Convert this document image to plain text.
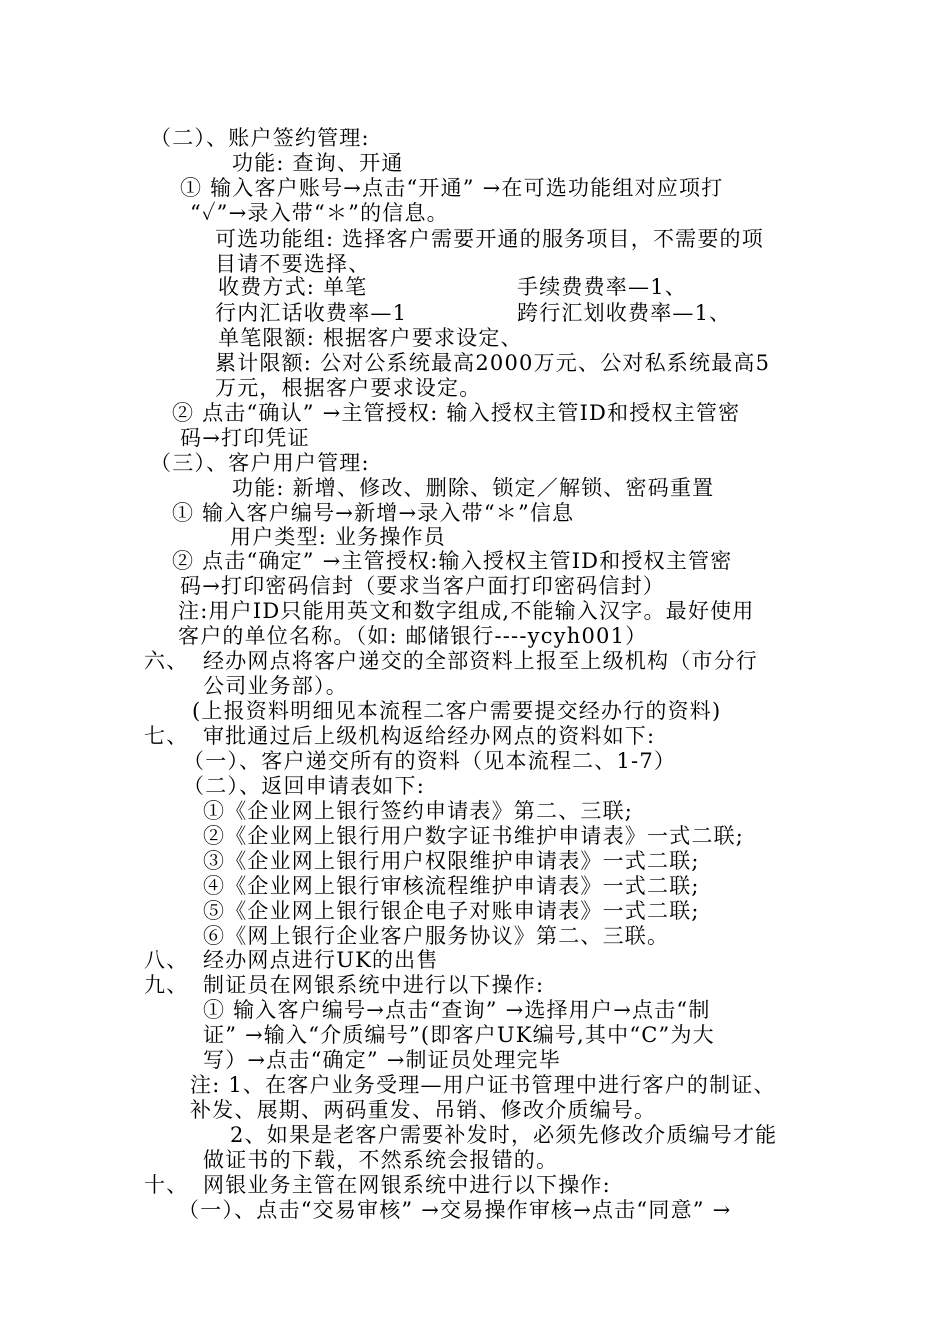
（二）、账户签约管理:

功能: 查询、开通

① 输入客户账号→点击“开通” →在可选功能组对应项打

“✓”→录入带“＊”的信息。

可选功能组: 选择客户需要开通的服务项目，不需要的项

目请不要选择、

收费方式: 单笔	手续费费率—1、

行内汇话收费率—1	跨行汇划收费率—1、

单笔限额: 根据客户要求设定、

累计限额: 公对公系统最高2000万元、公对私系统最高5

万元，根据客户要求设定。

② 点击“确认” →主管授权: 输入授权主管ID和授权主管密

码→打印凭证

（三）、客户用户管理:

功能: 新增、修改、删除、锁定／解锁、密码重置

① 输入客户编号→新增→录入带“＊”信息

用户类型: 业务操作员

② 点击“确定” →主管授权:输入授权主管ID和授权主管密

码→打印密码信封（要求当客户面打印密码信封）

注:用户ID只能用英文和数字组成,不能输入汉字。最好使用

客户的单位名称。（如: 邮储银行----ycyh001）

六、 经办网点将客户递交的全部资料上报至上级机构（市分行

公司业务部）。

(上报资料明细见本流程二客户需要提交经办行的资料)

七、 审批通过后上级机构返给经办网点的资料如下:

（一）、客户递交所有的资料（见本流程二、1-7）

（二）、返回申请表如下:

①《企业网上银行签约申请表》第二、三联;

②《企业网上银行用户数字证书维护申请表》一式二联;

③《企业网上银行用户权限维护申请表》一式二联;

④《企业网上银行审核流程维护申请表》一式二联;

⑤《企业网上银行银企电子对账申请表》一式二联;

⑥《网上银行企业客户服务协议》第二、三联。

八、 经办网点进行UK的出售

九、 制证员在网银系统中进行以下操作:

① 输入客户编号→点击“查询” →选择用户→点击“制

证” →输入“介质编号”(即客户UK编号,其中“C”为大

写）→点击“确定” →制证员处理完毕

注: 1、在客户业务受理—用户证书管理中进行客户的制证、

补发、展期、两码重发、吊销、修改介质编号。

2、如果是老客户需要补发时，必须先修改介质编号才能

做证书的下载，不然系统会报错的。

十、 网银业务主管在网银系统中进行以下操作:

（一）、点击“交易审核” →交易操作审核→点击“同意” →
